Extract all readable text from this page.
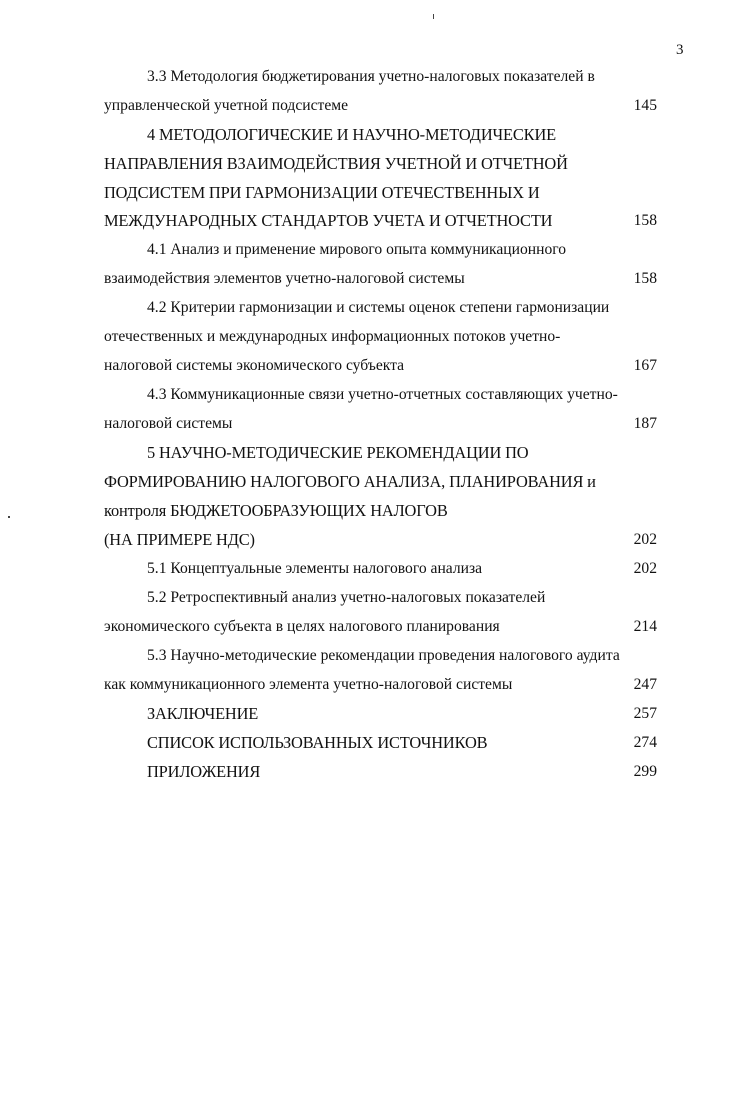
3
3.3 Методология бюджетирования учетно-налоговых показателей в
управленческой учетной подсистеме	145
4 МЕТОДОЛОГИЧЕСКИЕ И НАУЧНО-МЕТОДИЧЕСКИЕ
НАПРАВЛЕНИЯ ВЗАИМОДЕЙСТВИЯ УЧЕТНОЙ И ОТЧЕТНОЙ
ПОДСИСТЕМ ПРИ ГАРМОНИЗАЦИИ ОТЕЧЕСТВЕННЫХ И
МЕЖДУНАРОДНЫХ СТАНДАРТОВ УЧЕТА И ОТЧЕТНОСТИ	158
4.1 Анализ и применение мирового опыта коммуникационного
взаимодействия элементов учетно-налоговой системы	158
4.2 Критерии гармонизации и системы оценок степени гармонизации
отечественных и международных информационных потоков учетно-
налоговой системы экономического субъекта	167
4.3 Коммуникационные связи учетно-отчетных составляющих учетно-
налоговой системы	187
5 НАУЧНО-МЕТОДИЧЕСКИЕ РЕКОМЕНДАЦИИ ПО
ФОРМИРОВАНИЮ НАЛОГОВОГО АНАЛИЗА, ПЛАНИРОВАНИЯ и
контроля БЮДЖЕТООБРАЗУЮЩИХ НАЛОГОВ
(НА ПРИМЕРЕ НДС)	202
5.1 Концептуальные элементы налогового анализа	202
5.2 Ретроспективный анализ учетно-налоговых показателей
экономического субъекта в целях налогового планирования	214
5.3 Научно-методические рекомендации проведения налогового аудита
как коммуникационного элемента учетно-налоговой системы	247
ЗАКЛЮЧЕНИЕ	257
СПИСОК ИСПОЛЬЗОВАННЫХ ИСТОЧНИКОВ	274
ПРИЛОЖЕНИЯ	299
